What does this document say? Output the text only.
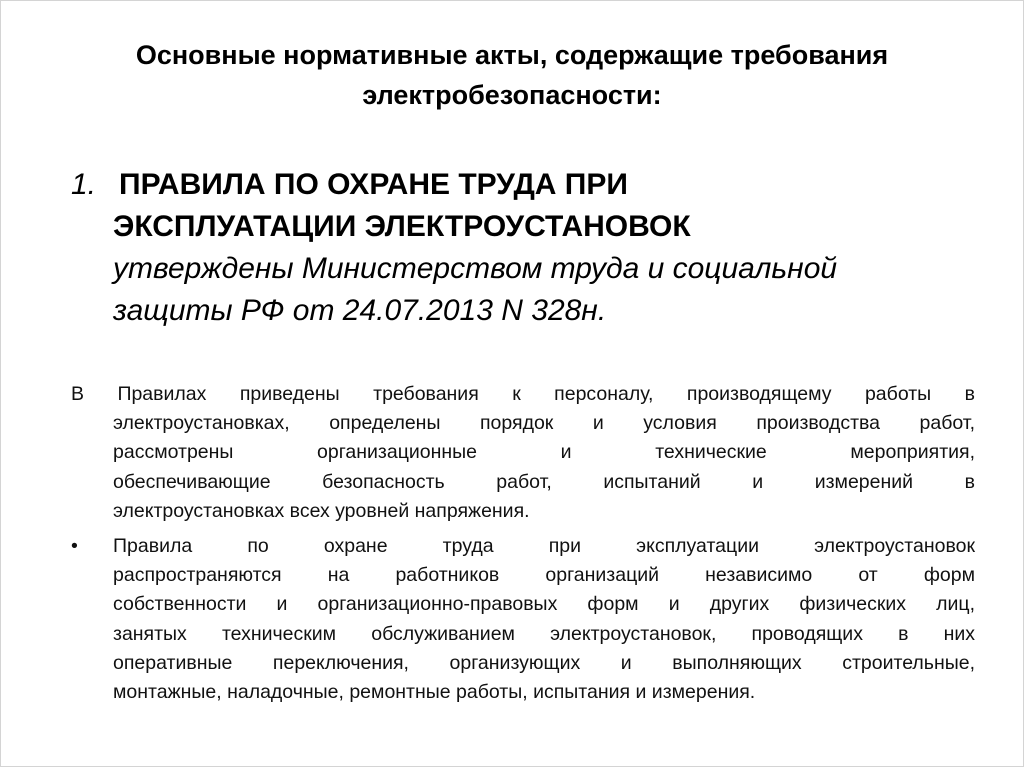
Основные нормативные акты, содержащие требования
электробезопасности:
1. ПРАВИЛА ПО ОХРАНЕ ТРУДА ПРИ
ЭКСПЛУАТАЦИИ ЭЛЕКТРОУСТАНОВОК
утверждены Министерством труда и социальной
защиты РФ от 24.07.2013 N 328н.
В Правилах приведены требования к персоналу, производящему работы в
электроустановках, определены порядок и условия производства работ,
рассмотрены организационные и технические мероприятия,
обеспечивающие безопасность работ, испытаний и измерений в
электроустановках всех уровней напряжения.
•	Правила по охране труда при эксплуатации электроустановок
распространяются на работников организаций независимо от форм
собственности и организационно-правовых форм и других физических лиц,
занятых техническим обслуживанием электроустановок, проводящих в них
оперативные переключения, организующих и выполняющих строительные,
монтажные, наладочные, ремонтные работы, испытания и измерения.
